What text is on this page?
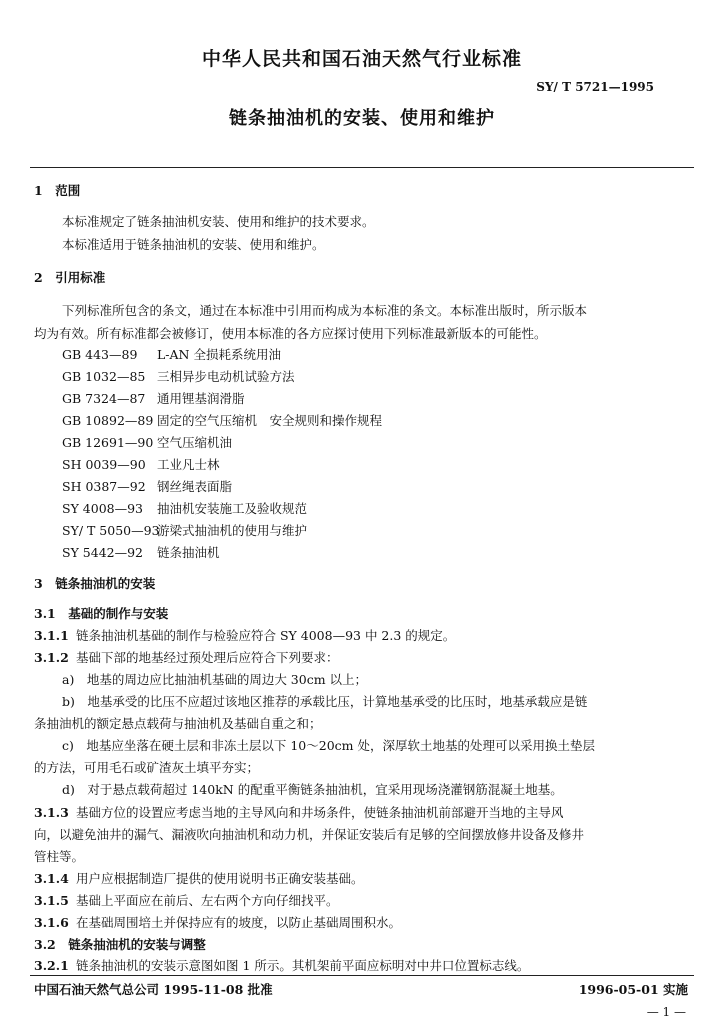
中华人民共和国石油天然气行业标准
SY/ T 5721—1995
链条抽油机的安装、使用和维护
1　范围
本标准规定了链条抽油机安装、使用和维护的技术要求。
本标准适用于链条抽油机的安装、使用和维护。
2　引用标准
下列标准所包含的条文，通过在本标准中引用而构成为本标准的条文。本标准出版时，所示版本
均为有效。所有标准都会被修订，使用本标准的各方应探讨使用下列标准最新版本的可能性。
GB 443—89 L-AN 全损耗系统用油
GB 1032—85 三相异步电动机试验方法
GB 7324—87 通用锂基润滑脂
GB 10892—89 固定的空气压缩机　安全规则和操作规程
GB 12691—90 空气压缩机油
SH 0039—90 工业凡士林
SH 0387—92 钢丝绳表面脂
SY 4008—93 抽油机安装施工及验收规范
SY/ T 5050—93游梁式抽油机的使用与维护
SY 5442—92 链条抽油机
3　链条抽油机的安装
3.1　基础的制作与安装
3.1.1 链条抽油机基础的制作与检验应符合 SY 4008—93 中 2.3 的规定。
3.1.2 基础下部的地基经过预处理后应符合下列要求：
a)　地基的周边应比抽油机基础的周边大 30cm 以上；
b)　地基承受的比压不应超过该地区推荐的承载比压，计算地基承受的比压时，地基承载应是链
条抽油机的额定悬点载荷与抽油机及基础自重之和；
c)　地基应坐落在硬土层和非冻土层以下 10～20cm 处，深厚软土地基的处理可以采用换土垫层
的方法，可用毛石或矿渣灰土填平夯实；
d)　对于悬点载荷超过 140kN 的配重平衡链条抽油机，宜采用现场浇灌钢筋混凝土地基。
3.1.3 基础方位的设置应考虑当地的主导风向和井场条件，使链条抽油机前部避开当地的主导风
向，以避免油井的漏气、漏液吹向抽油机和动力机，并保证安装后有足够的空间摆放修井设备及修井
管柱等。
3.1.4 用户应根据制造厂提供的使用说明书正确安装基础。
3.1.5 基础上平面应在前后、左右两个方向仔细找平。
3.1.6 在基础周围培土并保持应有的坡度，以防止基础周围积水。
3.2　链条抽油机的安装与调整
3.2.1 链条抽油机的安装示意图如图 1 所示。其机架前平面应标明对中井口位置标志线。
中国石油天然气总公司 1995-11-08 批准	1996-05-01 实施
— 1 —
